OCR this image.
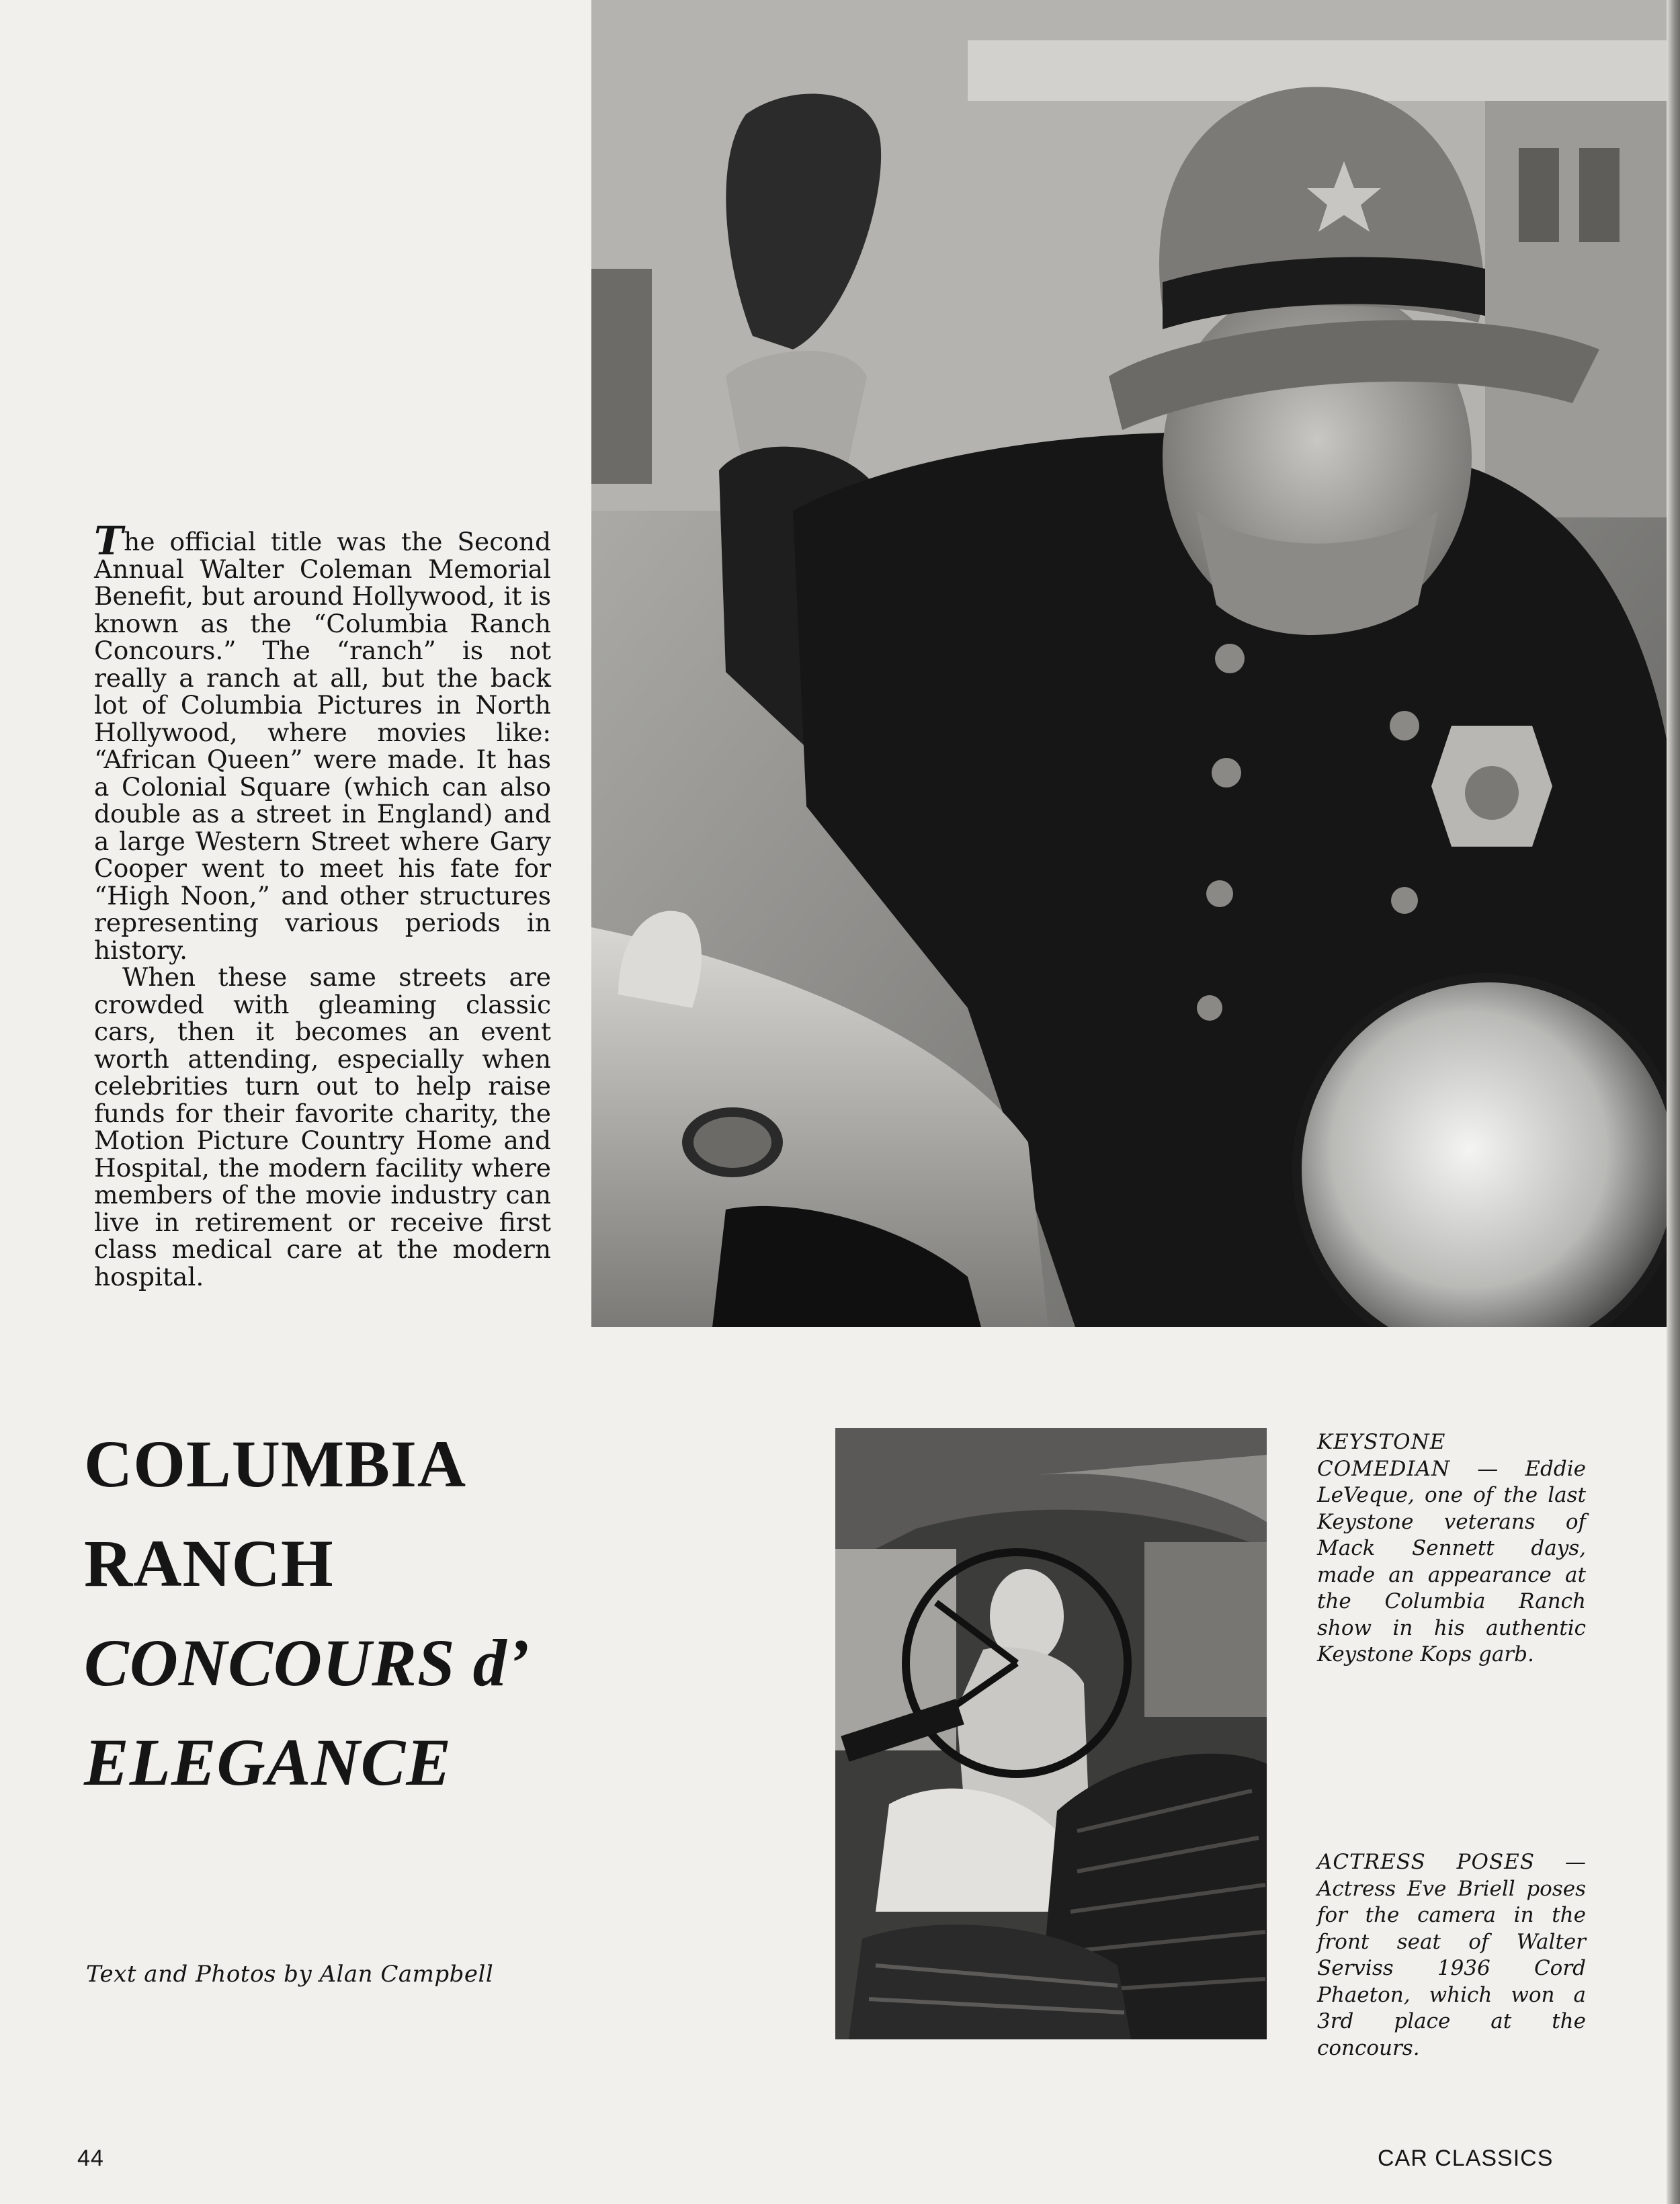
The official title was the Second Annual Walter Coleman Memorial Benefit, but around Hollywood, it is known as the “Columbia Ranch Concours.” The “ranch” is not really a ranch at all, but the back lot of Columbia Pictures in North Hollywood, where movies like: “African Queen” were made. It has a Colonial Square (which can also double as a street in England) and a large Western Street where Gary Cooper went to meet his fate for “High Noon,” and other structures representing various periods in history.

When these same streets are crowded with gleaming classic cars, then it becomes an event worth attending, especially when celebrities turn out to help raise funds for their favorite charity, the Motion Picture Country Home and Hospital, the modern facility where members of the movie industry can live in retirement or receive first class medical care at the modern hospital.

COLUMBIA
RANCH
CONCOURS d’
ELEGANCE
Text and Photos by Alan Campbell

KEYSTONE COMEDIAN — Eddie LeVeque, one of the last Keystone veterans of Mack Sennett days, made an appearance at the Columbia Ranch show in his authentic Keystone Kops garb.

ACTRESS POSES — Actress Eve Briell poses for the camera in the front seat of Walter Serviss 1936 Cord Phaeton, which won a 3rd place at the concours.

44	CAR CLASSICS
